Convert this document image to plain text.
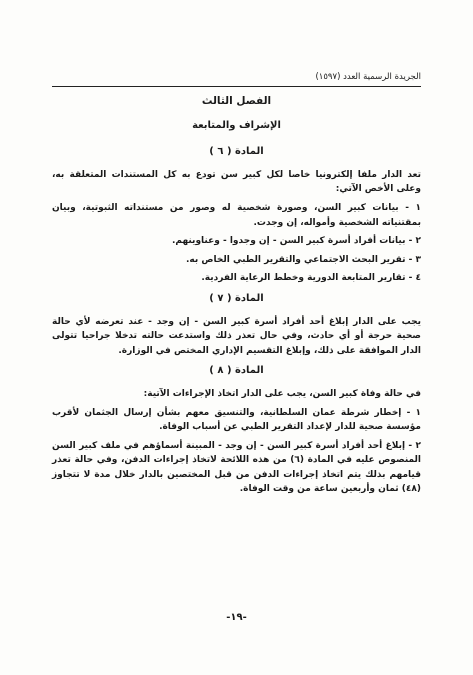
الجريدة الرسمية العدد (١٥٩٧)
الفصل الثالث
الإشراف والمتابعة
المادة ( ٦ )

تعد الدار ملفا إلكترونيا خاصا لكل كبير سن تودع به كل المستندات المتعلقة به، وعلى الأخص الآتي:

١ - بيانات كبير السن، وصورة شخصية له وصور من مستنداته الثبوتية، وبيان بمقتنياته الشخصية وأمواله، إن وجدت.

٢ - بيانات أفراد أسرة كبير السن - إن وجدوا - وعناوينهم.

٣ - تقرير البحث الاجتماعي والتقرير الطبي الخاص به.

٤ - تقارير المتابعة الدورية وخطط الرعاية الفردية.

المادة ( ٧ )

يجب على الدار إبلاغ أحد أفراد أسرة كبير السن - إن وجد - عند تعرضه لأي حالة صحية حرجة أو أي حادث، وفي حال تعذر ذلك واستدعت حالته تدخلا جراحيا تتولى الدار الموافقة على ذلك، وإبلاغ التقسيم الإداري المختص في الوزارة.

المادة ( ٨ )

في حالة وفاة كبير السن، يجب على الدار اتخاذ الإجراءات الآتية:

١ - إخطار شرطة عمان السلطانية، والتنسيق معهم بشأن إرسال الجثمان لأقرب مؤسسة صحية للدار لإعداد التقرير الطبي عن أسباب الوفاة.

٢ - إبلاغ أحد أفراد أسرة كبير السن - إن وجد - المبينة أسماؤهم في ملف كبير السن المنصوص عليه في المادة (٦) من هذه اللائحة لاتخاذ إجراءات الدفن، وفي حالة تعذر قيامهم بذلك يتم اتخاذ إجراءات الدفن من قبل المختصين بالدار خلال مدة لا تتجاوز (٤٨) ثمان وأربعين ساعة من وقت الوفاة.

-١٩-
